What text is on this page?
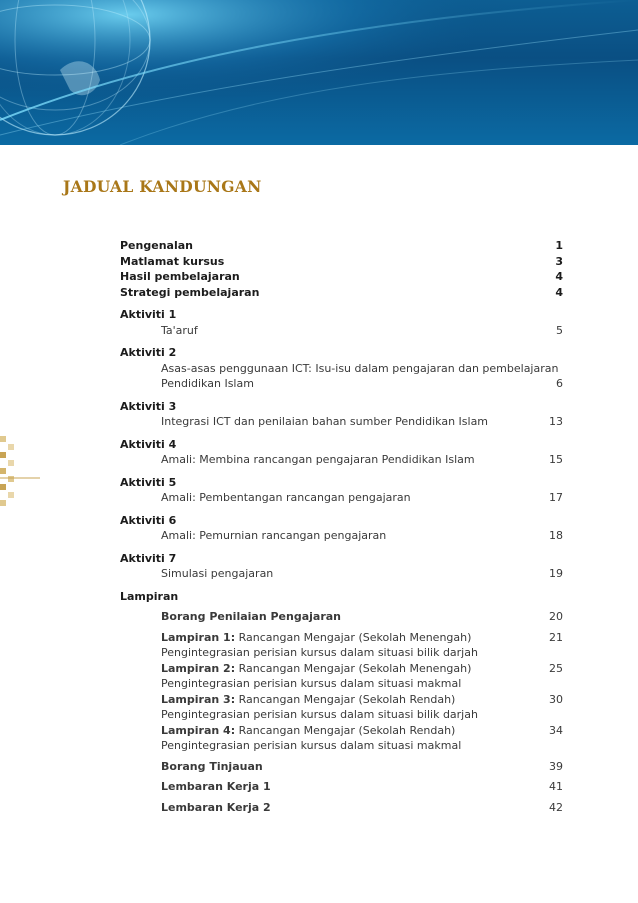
JADUAL KANDUNGAN
Pengenalan	1
Matlamat kursus	3
Hasil pembelajaran	4
Strategi pembelajaran	4
Aktiviti 1
Ta'aruf	5
Aktiviti 2
Asas-asas penggunaan ICT: Isu-isu dalam pengajaran dan pembelajaran
Pendidikan Islam	6
Aktiviti 3
Integrasi ICT dan penilaian bahan sumber Pendidikan Islam	13
Aktiviti 4
Amali: Membina rancangan pengajaran Pendidikan Islam	15
Aktiviti 5
Amali: Pembentangan rancangan pengajaran	17
Aktiviti 6
Amali: Pemurnian rancangan pengajaran	18
Aktiviti 7
Simulasi pengajaran	19
Lampiran
Borang Penilaian Pengajaran	20
Lampiran 1: Rancangan Mengajar (Sekolah Menengah)	21
Pengintegrasian perisian kursus dalam situasi bilik darjah
Lampiran 2: Rancangan Mengajar (Sekolah Menengah)	25
Pengintegrasian perisian kursus dalam situasi makmal
Lampiran 3: Rancangan Mengajar (Sekolah Rendah)	30
Pengintegrasian perisian kursus dalam situasi bilik darjah
Lampiran 4: Rancangan Mengajar (Sekolah Rendah)	34
Pengintegrasian perisian kursus dalam situasi makmal
Borang Tinjauan	39
Lembaran Kerja 1	41
Lembaran Kerja 2	42
